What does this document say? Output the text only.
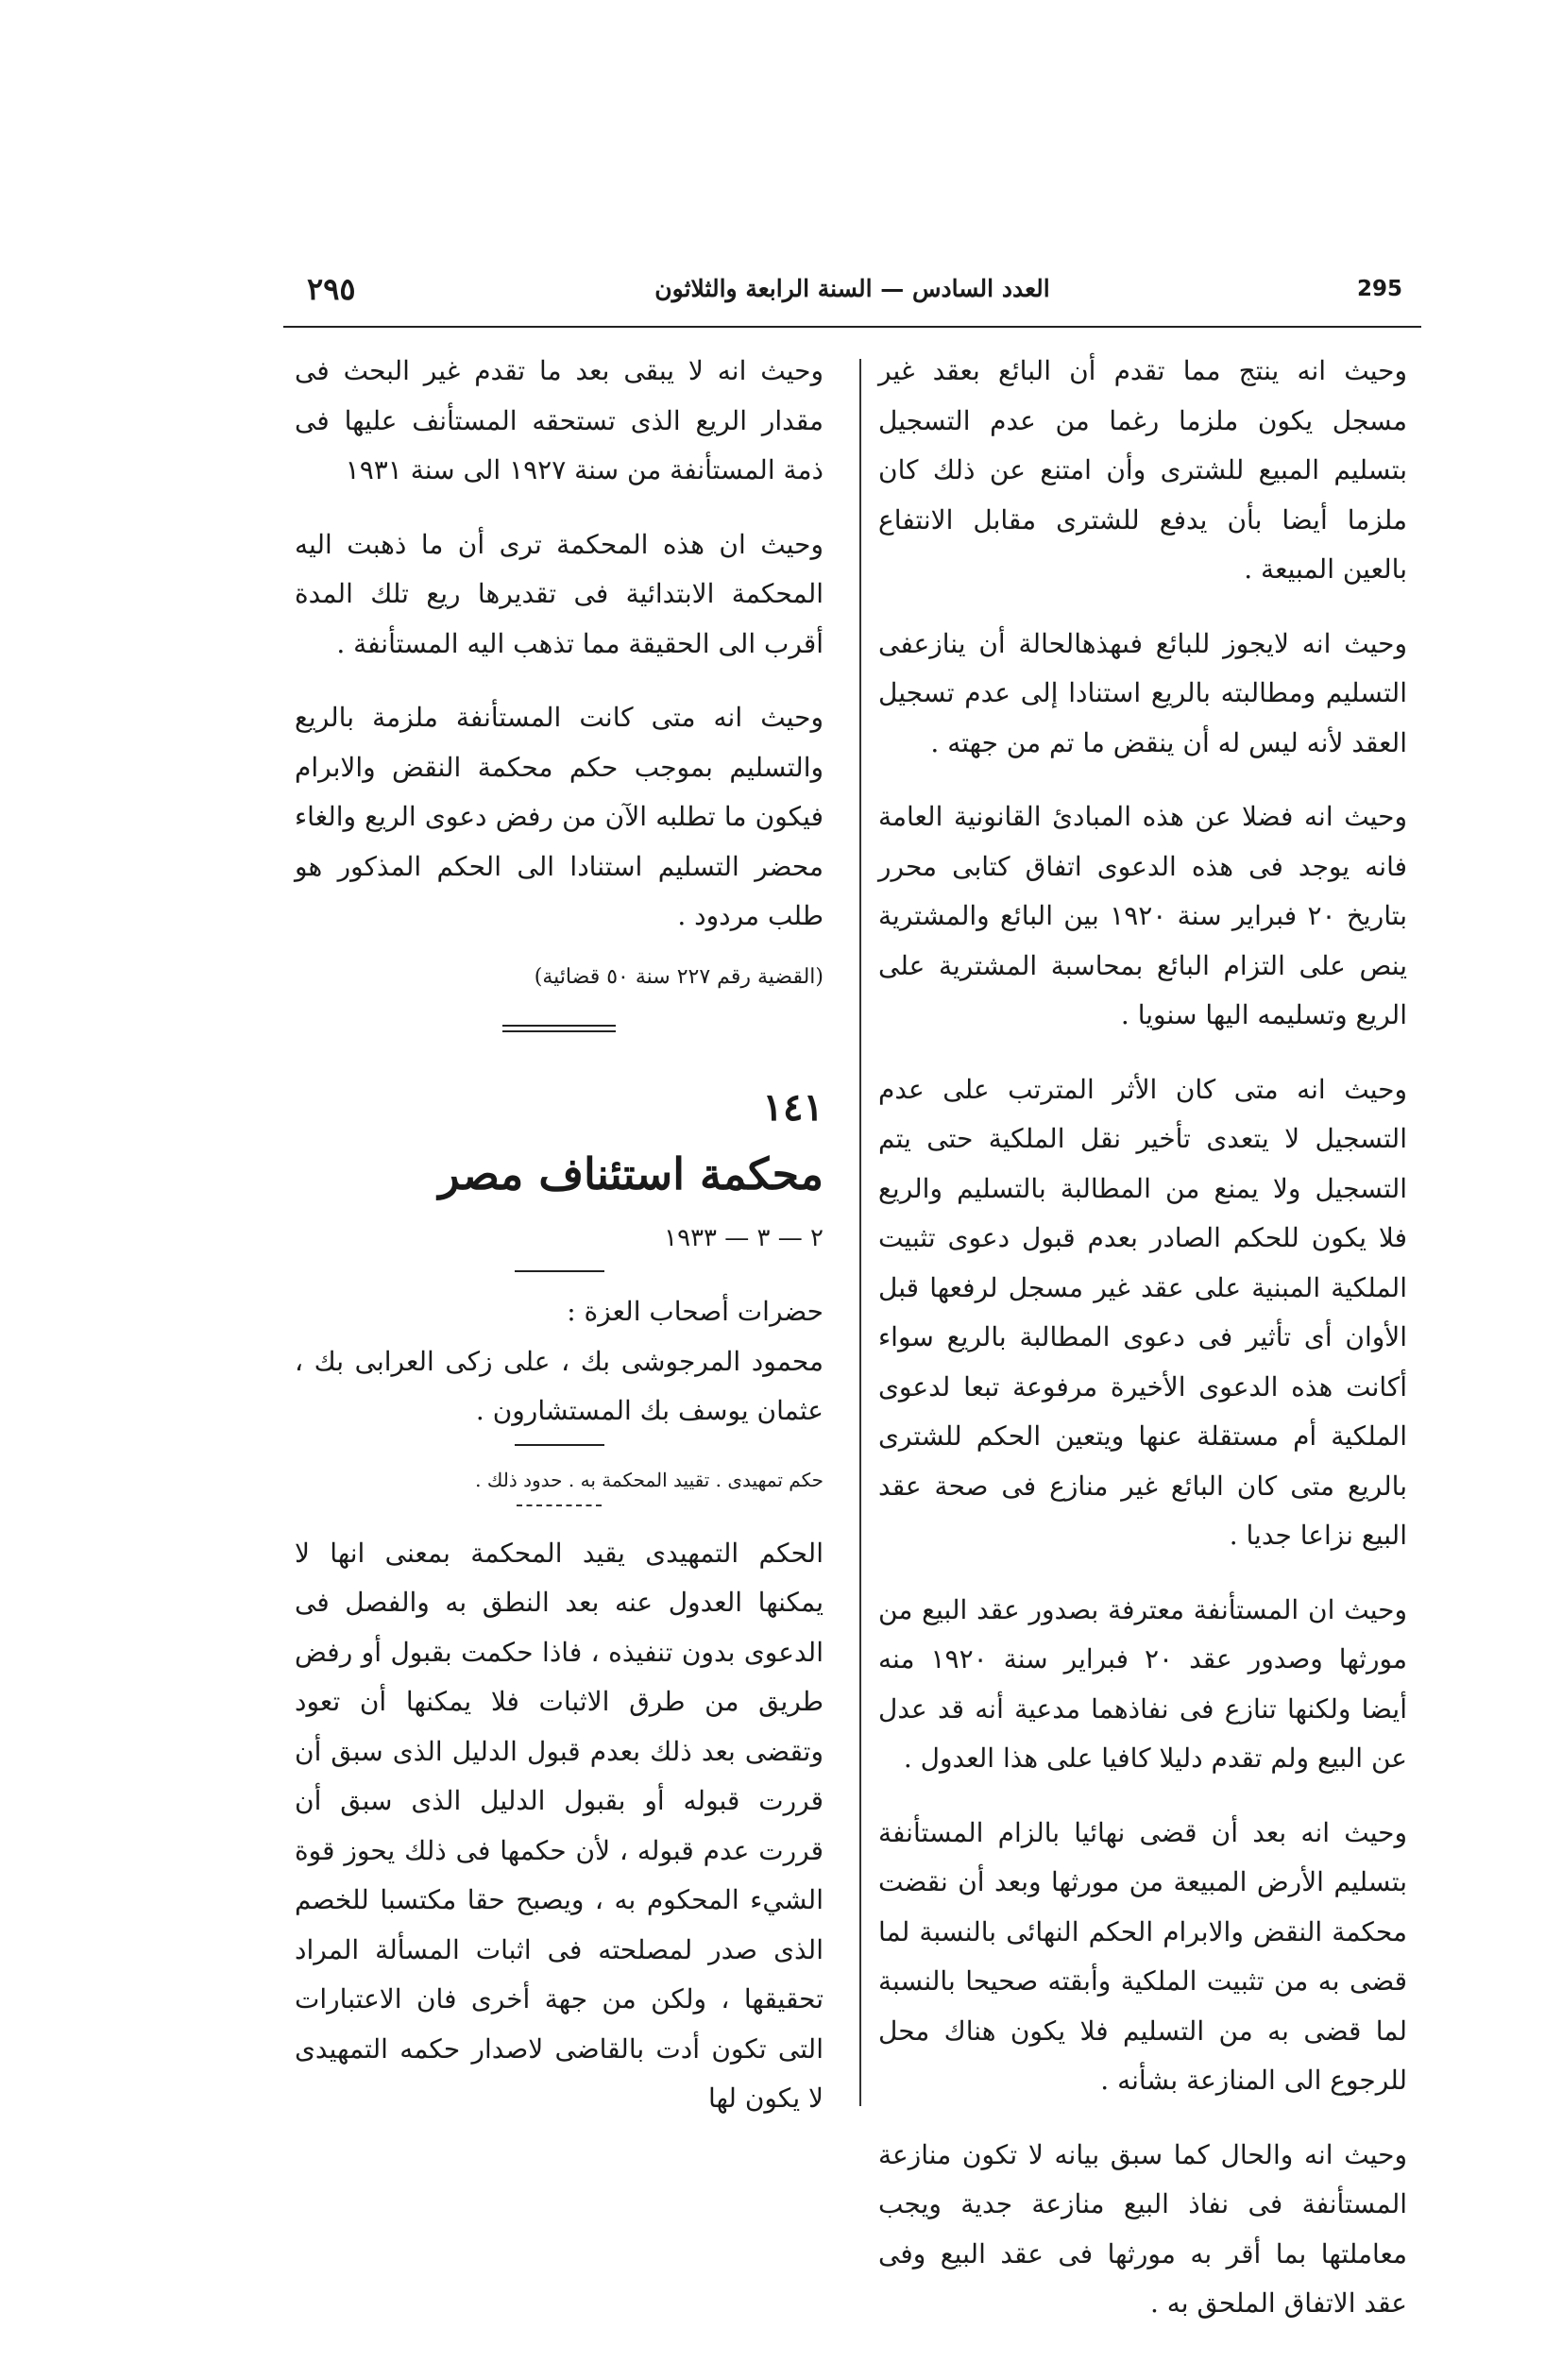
٢٩٥	العدد السادس — السنة الرابعة والثلاثون	295

وحيث انه ينتج مما تقدم أن البائع بعقد غير مسجل يكون ملزما رغما من عدم التسجيل بتسليم المبيع للشترى وأن امتنع عن ذلك كان ملزما أيضا بأن يدفع للشترى مقابل الانتفاع بالعين المبيعة .

وحيث انه لايجوز للبائع فىهذهالحالة أن ينازعفى التسليم ومطالبته بالريع استنادا إلى عدم تسجيل العقد لأنه ليس له أن ينقض ما تم من جهته .

وحيث انه فضلا عن هذه المبادئ القانونية العامة فانه يوجد فى هذه الدعوى اتفاق كتابى محرر بتاريخ ٢٠ فبراير سنة ١٩٢٠ بين البائع والمشترية ينص على التزام البائع بمحاسبة المشترية على الريع وتسليمه اليها سنويا .

وحيث انه متى كان الأثر المترتب على عدم التسجيل لا يتعدى تأخير نقل الملكية حتى يتم التسجيل ولا يمنع من المطالبة بالتسليم والريع فلا يكون للحكم الصادر بعدم قبول دعوى تثبيت الملكية المبنية على عقد غير مسجل لرفعها قبل الأوان أى تأثير فى دعوى المطالبة بالريع سواء أكانت هذه الدعوى الأخيرة مرفوعة تبعا لدعوى الملكية أم مستقلة عنها ويتعين الحكم للشترى بالريع متى كان البائع غير منازع فى صحة عقد البيع نزاعا جديا .

وحيث ان المستأنفة معترفة بصدور عقد البيع من مورثها وصدور عقد ٢٠ فبراير سنة ١٩٢٠ منه أيضا ولكنها تنازع فى نفاذهما مدعية أنه قد عدل عن البيع ولم تقدم دليلا كافيا على هذا العدول .

وحيث انه بعد أن قضى نهائيا بالزام المستأنفة بتسليم الأرض المبيعة من مورثها وبعد أن نقضت محكمة النقض والابرام الحكم النهائى بالنسبة لما قضى به من تثبيت الملكية وأبقته صحيحا بالنسبة لما قضى به من التسليم فلا يكون هناك محل للرجوع الى المنازعة بشأنه .

وحيث انه والحال كما سبق بيانه لا تكون منازعة المستأنفة فى نفاذ البيع منازعة جدية ويجب معاملتها بما أقر به مورثها فى عقد البيع وفى عقد الاتفاق الملحق به .

وحيث انه لا يبقى بعد ما تقدم غير البحث فى مقدار الريع الذى تستحقه المستأنف عليها فى ذمة المستأنفة من سنة ١٩٢٧ الى سنة ١٩٣١

وحيث ان هذه المحكمة ترى أن ما ذهبت اليه المحكمة الابتدائية فى تقديرها ريع تلك المدة أقرب الى الحقيقة مما تذهب اليه المستأنفة .

وحيث انه متى كانت المستأنفة ملزمة بالريع والتسليم بموجب حكم محكمة النقض والابرام فيكون ما تطلبه الآن من رفض دعوى الريع والغاء محضر التسليم استنادا الى الحكم المذكور هو طلب مردود .

(القضية رقم ٢٢٧ سنة ٥٠ قضائية)
١٤١
محكمة استئناف مصر
٢ — ٣ — ١٩٣٣

حضرات أصحاب العزة :

محمود المرجوشى بك ، على زكى العرابى بك ، عثمان يوسف بك المستشارون .

حكم تمهيدى . تقييد المحكمة به . حدود ذلك .

الحكم التمهيدى يقيد المحكمة بمعنى انها لا يمكنها العدول عنه بعد النطق به والفصل فى الدعوى بدون تنفيذه ، فاذا حكمت بقبول أو رفض طريق من طرق الاثبات فلا يمكنها أن تعود وتقضى بعد ذلك بعدم قبول الدليل الذى سبق أن قررت قبوله أو بقبول الدليل الذى سبق أن قررت عدم قبوله ، لأن حكمها فى ذلك يحوز قوة الشيء المحكوم به ، ويصبح حقا مكتسبا للخصم الذى صدر لمصلحته فى اثبات المسألة المراد تحقيقها ، ولكن من جهة أخرى فان الاعتبارات التى تكون أدت بالقاضى لاصدار حكمه التمهيدى لا يكون لها
